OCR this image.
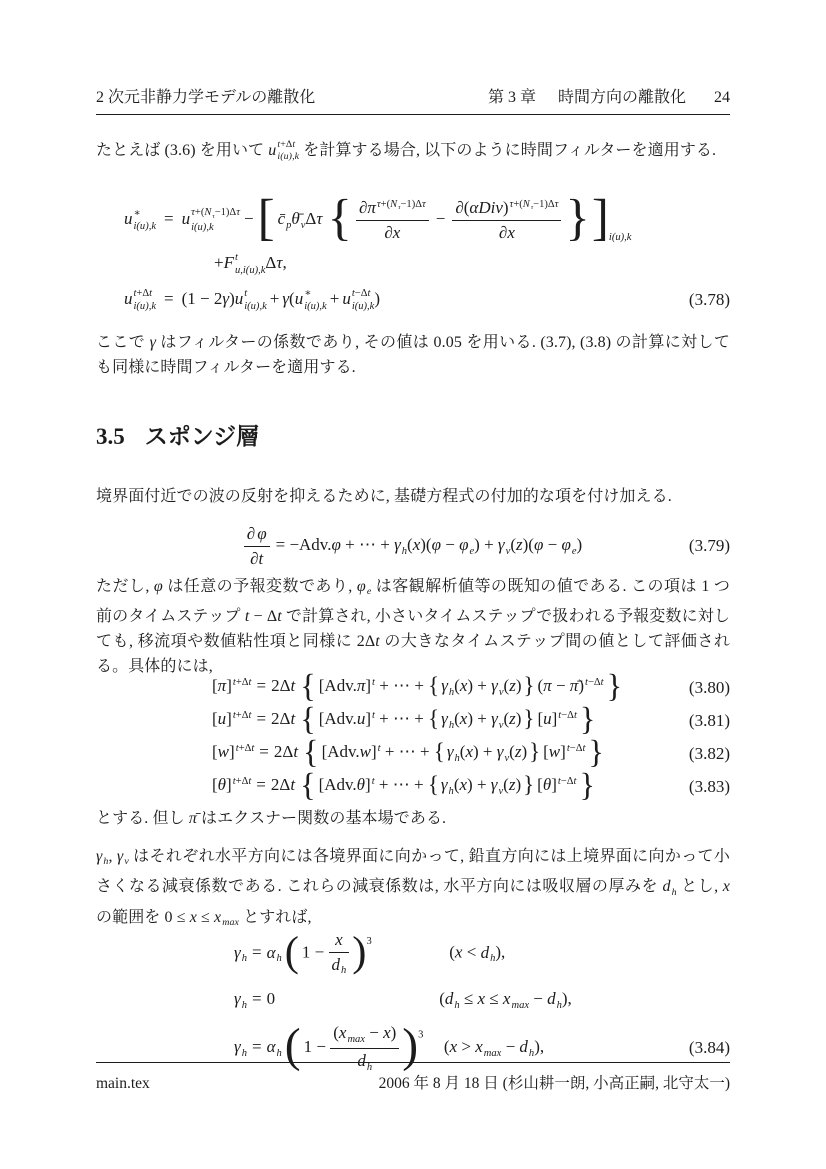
2 次元非静力学モデルの離散化	第 3 章 時間方向の離散化 24
たとえば (3.6) を用いて u t+Δt
i(u),k を計算する場合, 以下のように時間フィルターを適用する.
u ∗
i(u),k = u $\tau+(N_\tau-1)\Delta\tau$
i(u),k −[ $c̄_p\thetā_v\Delta\tau\{ \frac{\partial\pi^{\tau+(N_\tau-1)\Delta\tau}}{\partial x} - \frac{\partial(\alpha Div)^{\tau+(N_\tau-1)\Delta\tau}}{\partial x} \}]_{i(u),k}$
+F t
u,i(u),k Δτ,
u t+Δt
i(u),k = (1 − 2γ)u t
i(u),k + γ(u ∗
i(u),k + u t−Δt
i(u),k )	(3.78)
ここで γ はフィルターの係数であり, その値は 0.05 を用いる. (3.7), (3.8) の計算に対しても同様に時間フィルターを適用する.
3.5 スポンジ層
境界面付近での波の反射を抑えるために, 基礎方程式の付加的な項を付け加える.
$\frac{\partial \varphi}{\partial t} = -Adv.\varphi$ + ⋯ + $\gamma_h(x)(\varphi - \varphi_e) + \gamma_v(z)(\varphi - \varphi_e)$	(3.79)
ただし, φ は任意の予報変数であり, $\varphi_e$ は客観解析値等の既知の値である. この項は 1 つ前のタイムステップ t − Δt で計算され, 小さいタイムステップで扱われる予報変数に対しても, 移流項や数値粘性項と同様に 2Δt の大きなタイムステップ間の値として評価される。具体的には,
$[\pi]^{t+\Delta t} = 2\Delta t$ { $[Adv.\pi]^t$ + ⋯ + { $\gamma_h(x) + \gamma_v(z)$} (π − π̄)$^{t-\Delta t}$}	(3.80)
$[u]^{t+\Delta t} = 2\Delta t$ { $[Adv.u]^t$ + ⋯ + { $\gamma_h(x) + \gamma_v(z)$} $[u]^{t-\Delta t}$}	(3.81)
$[w]^{t+\Delta t} = 2\Delta t$ { $[Adv.w]^t$ + ⋯ + { $\gamma_h(x) + \gamma_v(z)$} $[w]^{t-\Delta t}$}	(3.82)
$[\theta]^{t+\Delta t} = 2\Delta t$ { $[Adv.\theta]^t$ + ⋯ + { $\gamma_h(x) + \gamma_v(z)$} $[\theta]^{t-\Delta t}$}	(3.83)
とする. 但し π̄ はエクスナー関数の基本場である.
$\gamma_h$, $\gamma_v$ はそれぞれ水平方向には各境界面に向かって, 鉛直方向には上境界面に向かって小さくなる減衰係数である. これらの減衰係数は, 水平方向には吸収層の厚みを $d_h$ とし, x の範囲を $0 \le x \le x_{max}$ とすれば,
$\gamma_h = \alpha_h$( $1 - \frac{x}{d_h} )^3$ $(x < d_h)$,
$\gamma_h = 0$	$(d_h \le x \le x_{max} - d_h)$,
$\gamma_h = \alpha_h$( $1 - \frac{(x_{max} - x)}{d_h} )^3$  $(x > x_{max} - d_h)$,	(3.84)
main.tex	2006 年 8 月 18 日 (杉山耕一朗, 小高正嗣, 北守太一)
